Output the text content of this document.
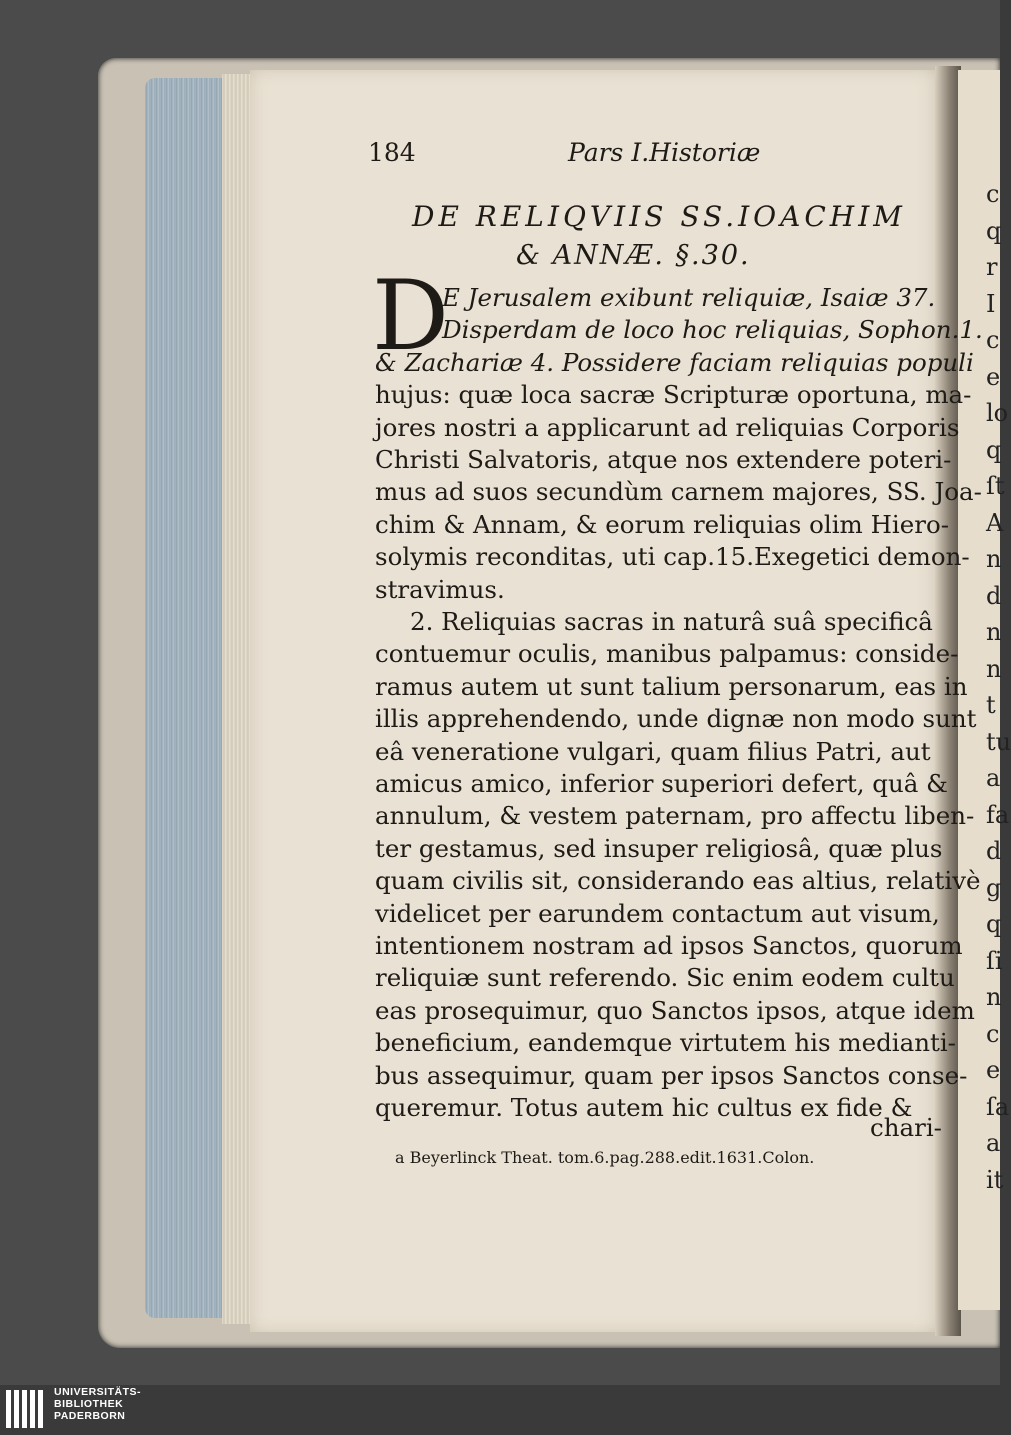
c
q
r
I
c
e
lo
q
ſt
A
n
d
n
n
t
tu
a
fa
d
g
q
ſi
n
c
e
ſa
a
it
184	Pars I.Historiæ
DE RELIQVIIS SS.IOACHIM
& ANNÆ. §.30.
D
E Jerusalem exibunt reliquiæ, Isaiæ 37.
Disperdam de loco hoc reliquias, Sophon.1.
& Zachariæ 4. Possidere faciam reliquias populi
hujus: quæ loca sacræ Scripturæ oportuna, ma-
jores nostri a applicarunt ad reliquias Corporis
Christi Salvatoris, atque nos extendere poteri-
mus ad suos secundùm carnem majores, SS. Joa-
chim & Annam, & eorum reliquias olim Hiero-
solymis reconditas, uti cap.15.Exegetici demon-
stravimus.
2. Reliquias sacras in naturâ suâ specificâ
contuemur oculis, manibus palpamus: conside-
ramus autem ut sunt talium personarum, eas in
illis apprehendendo, unde dignæ non modo sunt
eâ veneratione vulgari, quam filius Patri, aut
amicus amico, inferior superiori defert, quâ &
annulum, & vestem paternam, pro affectu liben-
ter gestamus, sed insuper religiosâ, quæ plus
quam civilis sit, considerando eas altius, relativè
videlicet per earundem contactum aut visum,
intentionem nostram ad ipsos Sanctos, quorum
reliquiæ sunt referendo. Sic enim eodem cultu
eas prosequimur, quo Sanctos ipsos, atque idem
beneficium, eandemque virtutem his medianti-
bus assequimur, quam per ipsos Sanctos conse-
queremur. Totus autem hic cultus ex fide &
chari-
a Beyerlinck Theat. tom.6.pag.288.edit.1631.Colon.
UNIVERSITÄTS-
BIBLIOTHEK
PADERBORN
